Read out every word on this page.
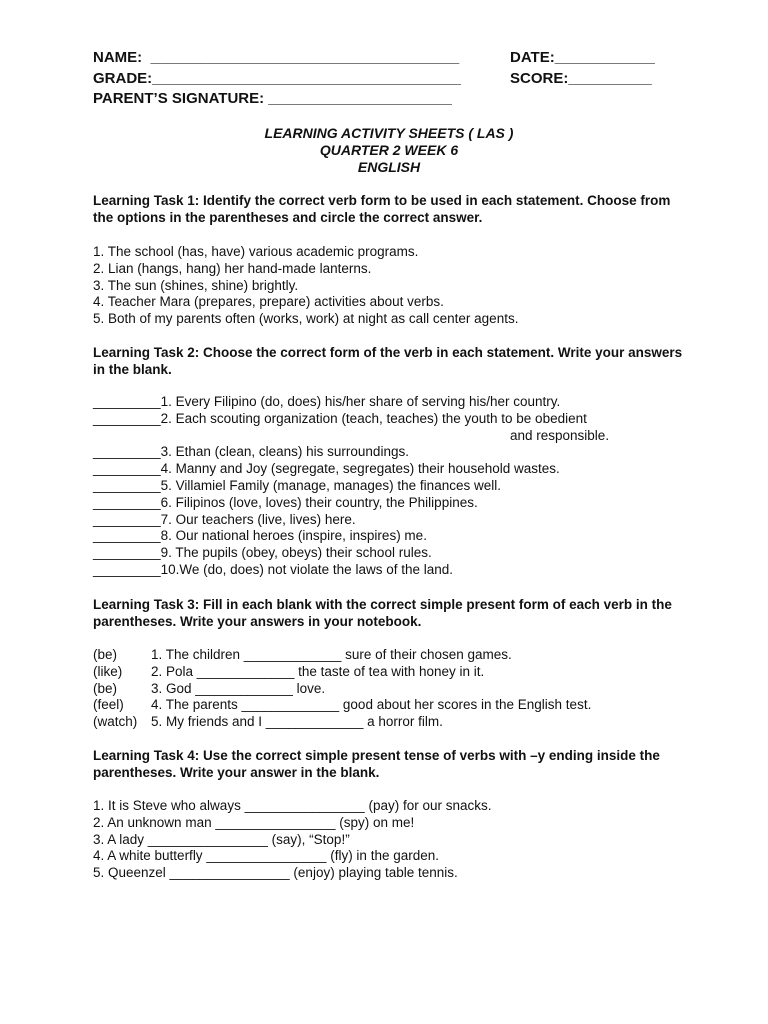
NAME:  _____________________________________
GRADE:_____________________________________
PARENT’S SIGNATURE: ______________________
DATE:____________
SCORE:__________
LEARNING ACTIVITY SHEETS ( LAS )
QUARTER 2 WEEK 6
ENGLISH
Learning Task 1: Identify the correct verb form to be used in each statement. Choose from the options in the parentheses and circle the correct answer.
1. The school (has, have) various academic programs.
2. Lian (hangs, hang) her hand-made lanterns.
3. The sun (shines, shine) brightly.
4. Teacher Mara (prepares, prepare) activities about verbs.
5. Both of my parents often (works, work) at night as call center agents.
Learning Task 2: Choose the correct form of the verb in each statement. Write your answers in the blank.
_________1. Every Filipino (do, does) his/her share of serving his/her country.
_________2. Each scouting organization (teach, teaches) the youth to be obedient
and responsible.
_________3. Ethan (clean, cleans) his surroundings.
_________4. Manny and Joy (segregate, segregates) their household wastes.
_________5. Villamiel Family (manage, manages) the finances well.
_________6. Filipinos (love, loves) their country, the Philippines.
_________7. Our teachers (live, lives) here.
_________8. Our national heroes (inspire, inspires) me.
_________9. The pupils (obey, obeys) their school rules.
_________10.We (do, does) not violate the laws of the land.
Learning Task 3: Fill in each blank with the correct simple present form of each verb in the parentheses. Write your answers in your notebook.
(be)	1. The children _____________ sure of their chosen games.
(like)	2. Pola _____________ the taste of tea with honey in it.
(be)	3. God _____________ love.
(feel)	4. The parents _____________ good about her scores in the English test.
(watch)	5. My friends and I _____________ a horror film.
Learning Task 4: Use the correct simple present tense of verbs with –y ending inside the parentheses. Write your answer in the blank.
1. It is Steve who always ________________ (pay) for our snacks.
2. An unknown man ________________ (spy) on me!
3. A lady ________________ (say), “Stop!”
4. A white butterfly ________________ (fly) in the garden.
5. Queenzel ________________ (enjoy) playing table tennis.
